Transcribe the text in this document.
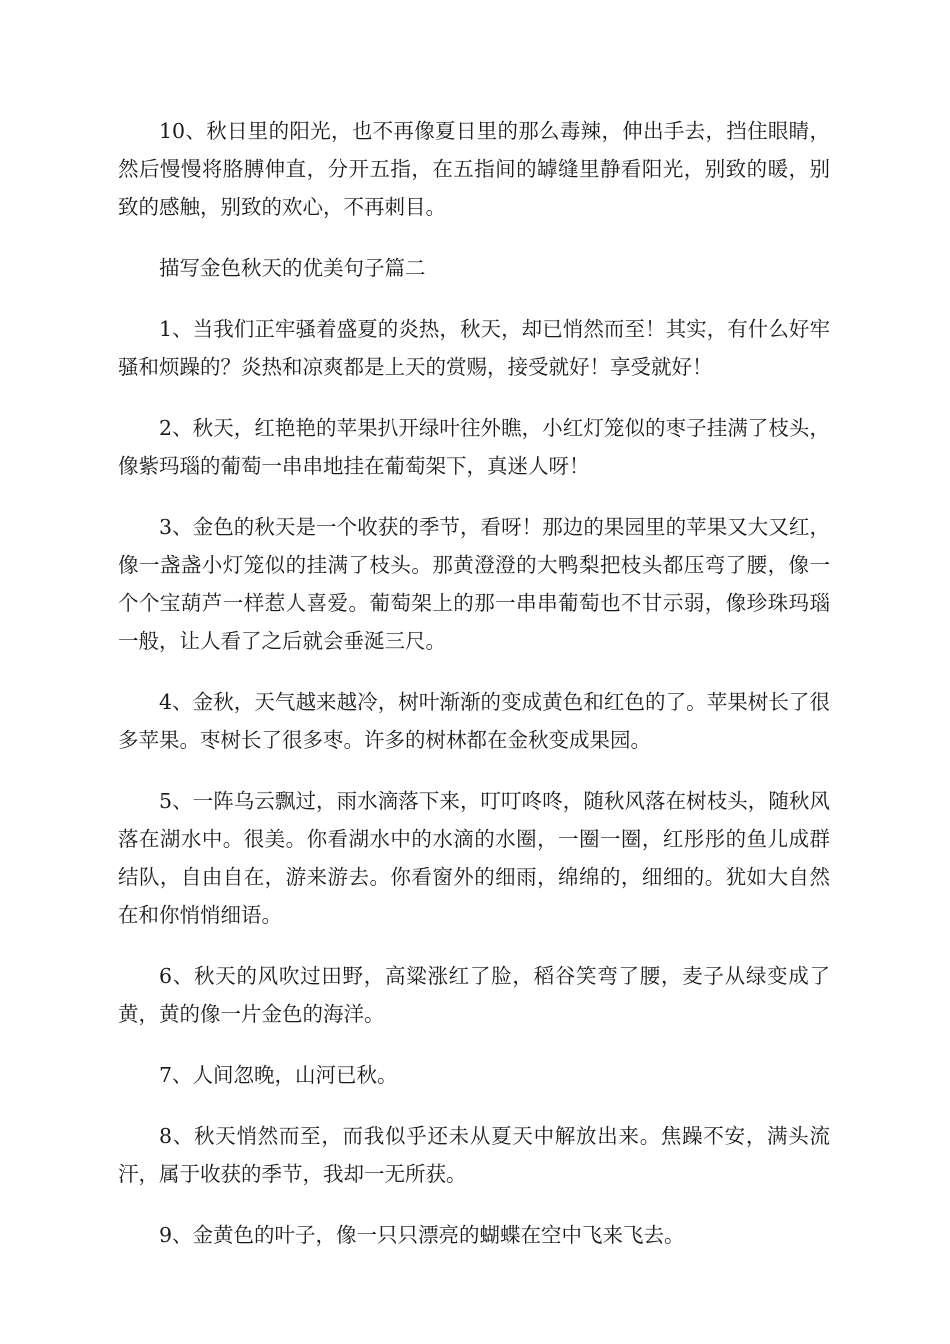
10、秋日里的阳光，也不再像夏日里的那么毒辣，伸出手去，挡住眼睛，然后慢慢将胳膊伸直，分开五指，在五指间的罅缝里静看阳光，别致的暖，别致的感触，别致的欢心，不再刺目。

描写金色秋天的优美句子篇二

1、当我们正牢骚着盛夏的炎热，秋天，却已悄然而至！其实，有什么好牢骚和烦躁的？炎热和凉爽都是上天的赏赐，接受就好！享受就好！

2、秋天，红艳艳的苹果扒开绿叶往外瞧，小红灯笼似的枣子挂满了枝头，像紫玛瑙的葡萄一串串地挂在葡萄架下，真迷人呀！

3、金色的秋天是一个收获的季节，看呀！那边的果园里的苹果又大又红，像一盏盏小灯笼似的挂满了枝头。那黄澄澄的大鸭梨把枝头都压弯了腰，像一个个宝葫芦一样惹人喜爱。葡萄架上的那一串串葡萄也不甘示弱，像珍珠玛瑙一般，让人看了之后就会垂涎三尺。

4、金秋，天气越来越冷，树叶渐渐的变成黄色和红色的了。苹果树长了很多苹果。枣树长了很多枣。许多的树林都在金秋变成果园。

5、一阵乌云飘过，雨水滴落下来，叮叮咚咚，随秋风落在树枝头，随秋风落在湖水中。很美。你看湖水中的水滴的水圈，一圈一圈，红彤彤的鱼儿成群结队，自由自在，游来游去。你看窗外的细雨，绵绵的，细细的。犹如大自然在和你悄悄细语。

6、秋天的风吹过田野，高粱涨红了脸，稻谷笑弯了腰，麦子从绿变成了黄，黄的像一片金色的海洋。

7、人间忽晚，山河已秋。

8、秋天悄然而至，而我似乎还未从夏天中解放出来。焦躁不安，满头流汗，属于收获的季节，我却一无所获。

9、金黄色的叶子，像一只只漂亮的蝴蝶在空中飞来飞去。
